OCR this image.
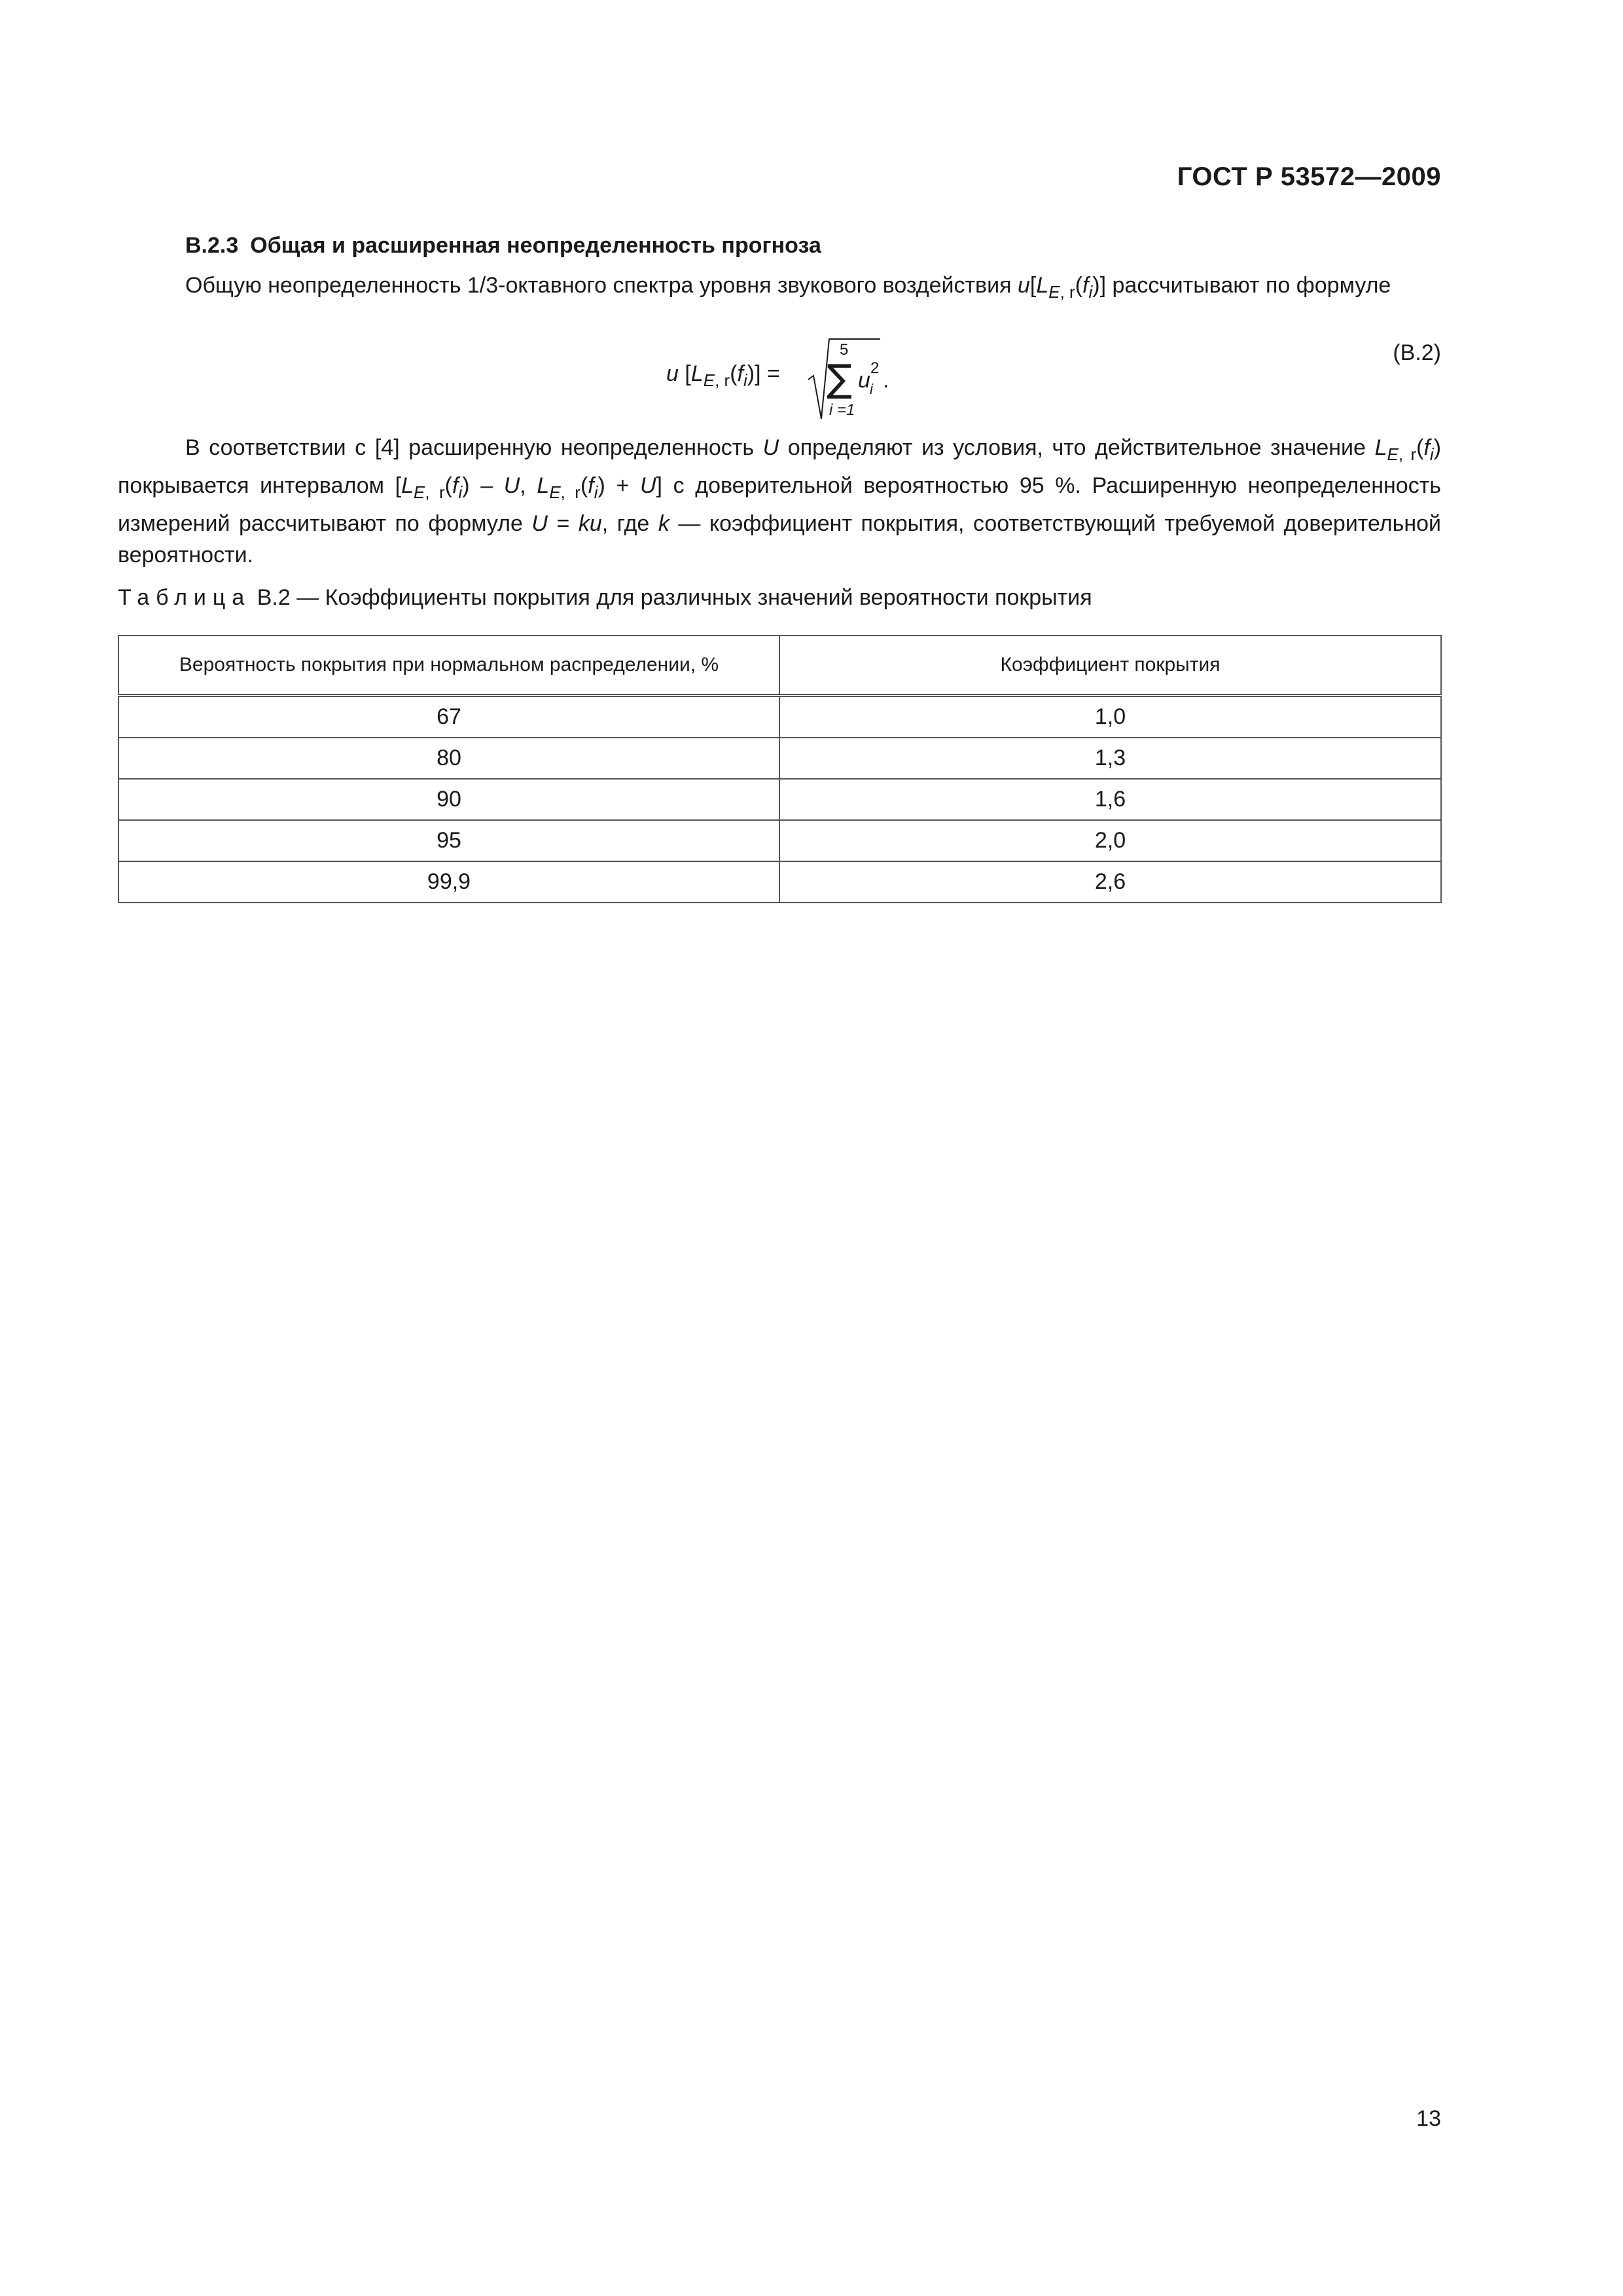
ГОСТ Р 53572—2009
B.2.3 Общая и расширенная неопределенность прогноза
Общую неопределенность 1/3-октавного спектра уровня звукового воздействия $u[L_{E, r}(f_i)]$ рассчитывают по формуле
u $[L_{E, r}(f_i)]$ = ∑
5
i =1
u i
2 .
(B.2)
В соответствии с [4] расширенную неопределенность U определяют из условия, что действительное значение $L_{E, r}(f_i)$ покрывается интервалом [$L_{E, r}(f_i)$ – U, $L_{E, r}(f_i) + U$] с доверительной вероятностью 95 %. Расширенную неопределенность измерений рассчитывают по формуле U = ku, где k — коэффициент покрытия, соответствующий требуемой доверительной вероятности.
Таблица B.2 — Коэффициенты покрытия для различных значений вероятности покрытия
Вероятность покрытия при нормальном распределении, %	Коэффициент покрытия
67	1,0
80	1,3
90	1,6
95	2,0
99,9	2,6
13
